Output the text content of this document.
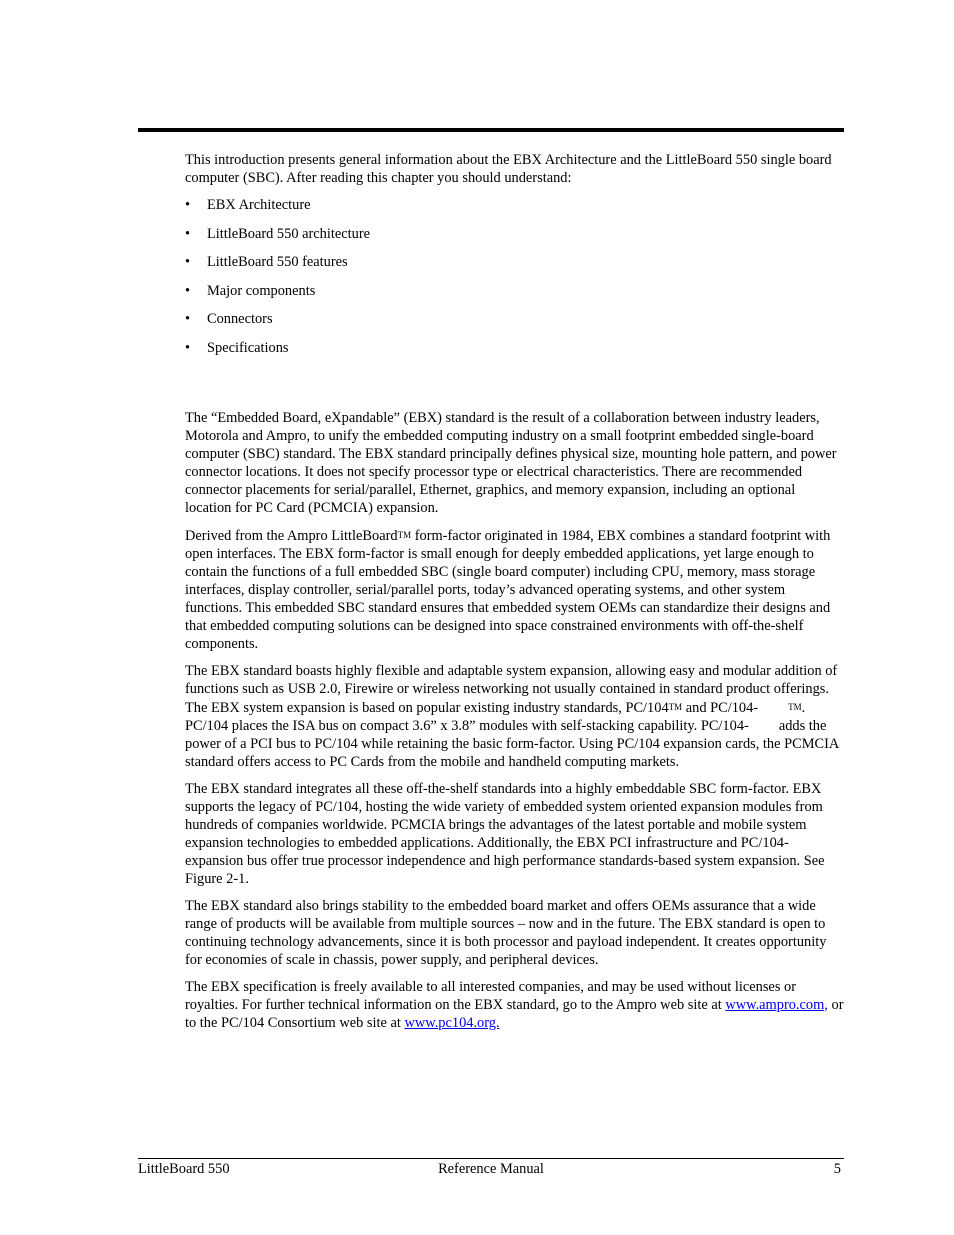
This introduction presents general information about the EBX Architecture and the LittleBoard 550 single board computer (SBC). After reading this chapter you should understand:

• EBX Architecture
• LittleBoard 550 architecture
• LittleBoard 550 features
• Major components
• Connectors
• Specifications

The “Embedded Board, eXpandable” (EBX) standard is the result of a collaboration between industry leaders, Motorola and Ampro, to unify the embedded computing industry on a small footprint embedded single-board computer (SBC) standard. The EBX standard principally defines physical size, mounting hole pattern, and power connector locations. It does not specify processor type or electrical characteristics. There are recommended connector placements for serial/parallel, Ethernet, graphics, and memory expansion, including an optional location for PC Card (PCMCIA) expansion.

Derived from the Ampro LittleBoard™ form-factor originated in 1984, EBX combines a standard footprint with open interfaces. The EBX form-factor is small enough for deeply embedded applications, yet large enough to contain the functions of a full embedded SBC (single board computer) including CPU, memory, mass storage interfaces, display controller, serial/parallel ports, today’s advanced operating systems, and other system functions. This embedded SBC standard ensures that embedded system OEMs can standardize their designs and that embedded computing solutions can be designed into space constrained environments with off-the-shelf components.

The EBX standard boasts highly flexible and adaptable system expansion, allowing easy and modular addition of functions such as USB 2.0, Firewire or wireless networking not usually contained in standard product offerings. The EBX system expansion is based on popular existing industry standards, PC/104™ and PC/104-	™. PC/104 places the ISA bus on compact 3.6” x 3.8” modules with self-stacking capability. PC/104- adds the power of a PCI bus to PC/104 while retaining the basic form-factor. Using PC/104 expansion cards, the PCMCIA standard offers access to PC Cards from the mobile and handheld computing markets.

The EBX standard integrates all these off-the-shelf standards into a highly embeddable SBC form-factor. EBX supports the legacy of PC/104, hosting the wide variety of embedded system oriented expansion modules from hundreds of companies worldwide. PCMCIA brings the advantages of the latest portable and mobile system expansion technologies to embedded applications. Additionally, the EBX PCI infrastructure and PC/104-expansion bus offer true processor independence and high performance standards-based system expansion. See Figure 2-1.

The EBX standard also brings stability to the embedded board market and offers OEMs assurance that a wide range of products will be available from multiple sources – now and in the future. The EBX standard is open to continuing technology advancements, since it is both processor and payload independent. It creates opportunity for economies of scale in chassis, power supply, and peripheral devices.

The EBX specification is freely available to all interested companies, and may be used without licenses or royalties. For further technical information on the EBX standard, go to the Ampro web site at www.ampro.com, or to the PC/104 Consortium web site at www.pc104.org.

LittleBoard 550	Reference Manual	5
